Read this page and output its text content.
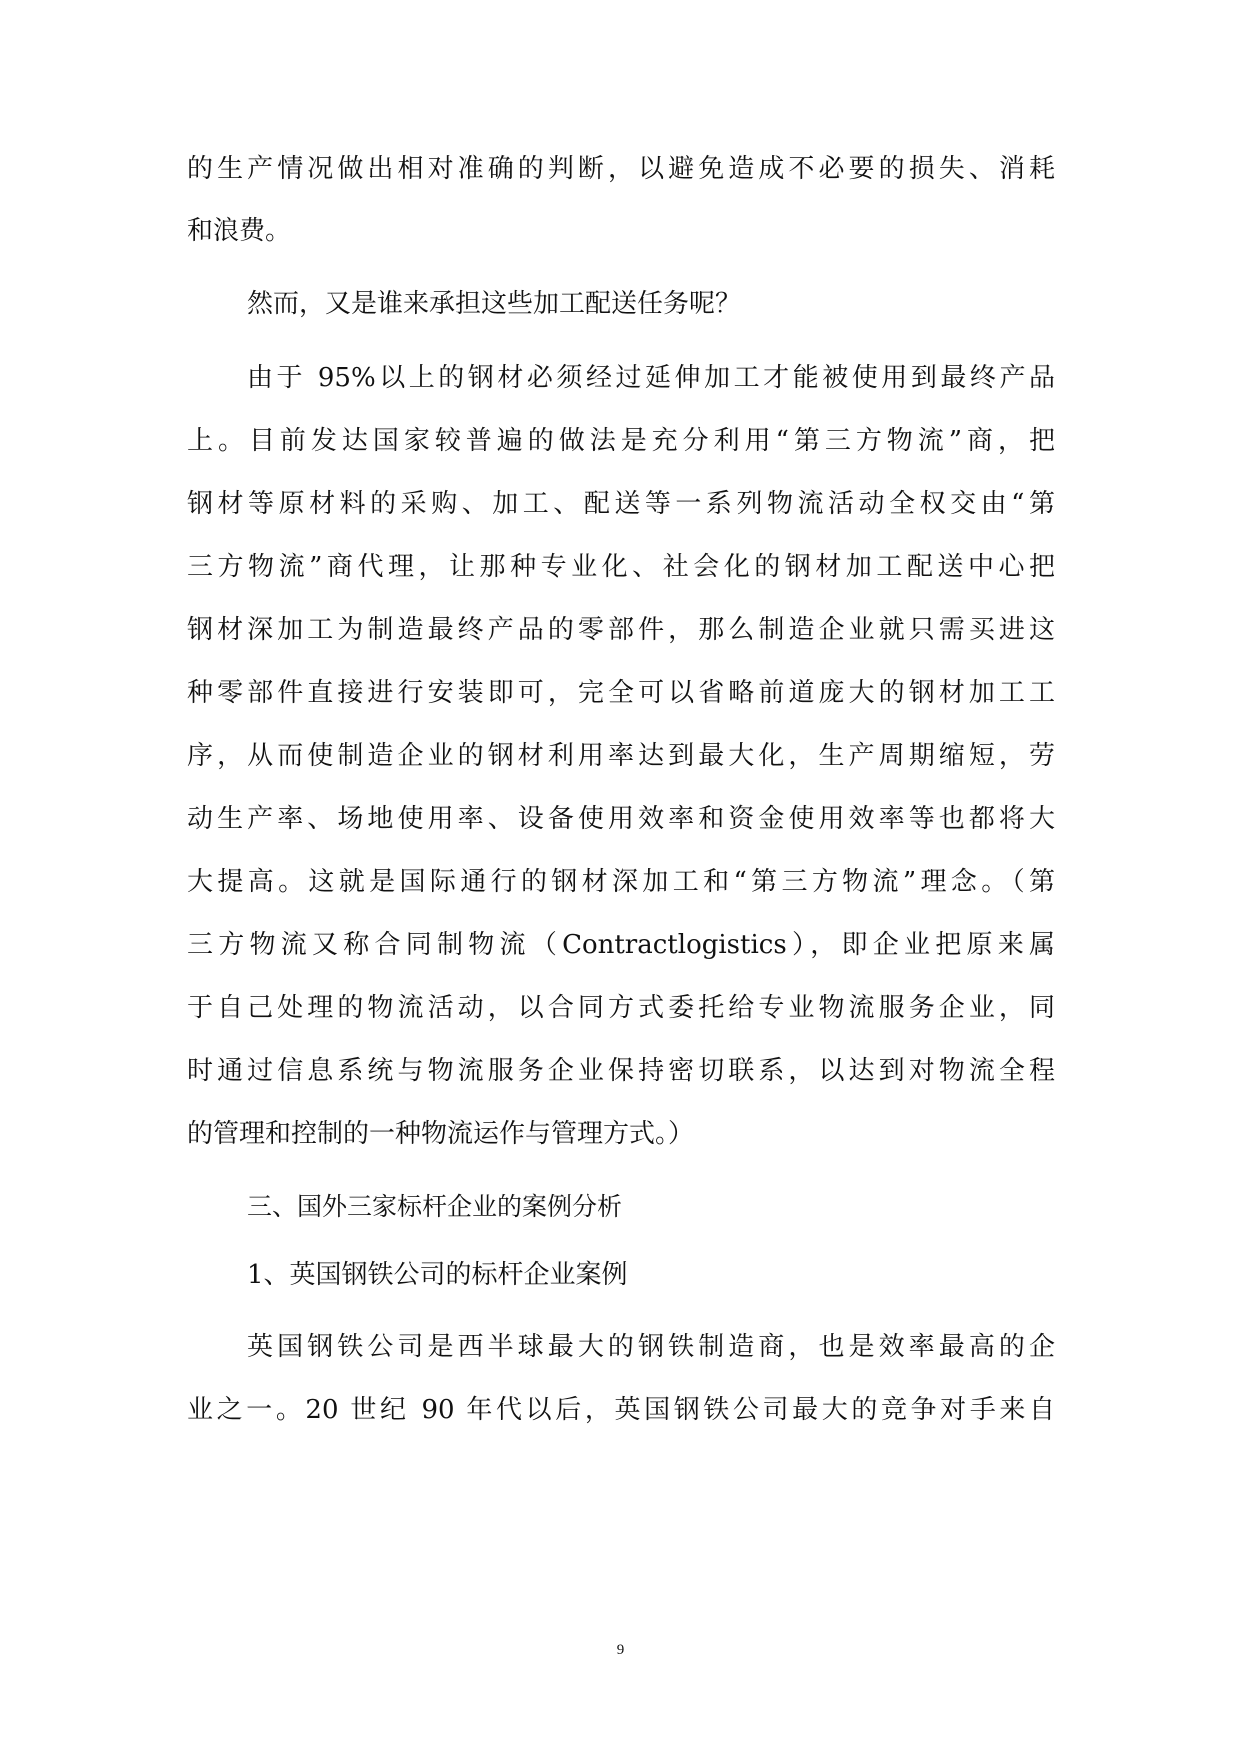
的生产情况做出相对准确的判断，以避免造成不必要的损失、消耗
和浪费。
然而，又是谁来承担这些加工配送任务呢？
由于 95%以上的钢材必须经过延伸加工才能被使用到最终产品
上。目前发达国家较普遍的做法是充分利用“第三方物流”商，把
钢材等原材料的采购、加工、配送等一系列物流活动全权交由“第
三方物流”商代理，让那种专业化、社会化的钢材加工配送中心把
钢材深加工为制造最终产品的零部件，那么制造企业就只需买进这
种零部件直接进行安装即可，完全可以省略前道庞大的钢材加工工
序，从而使制造企业的钢材利用率达到最大化，生产周期缩短，劳
动生产率、场地使用率、设备使用效率和资金使用效率等也都将大
大提高。这就是国际通行的钢材深加工和“第三方物流”理念。（第
三方物流又称合同制物流（Contractlogistics），即企业把原来属
于自己处理的物流活动，以合同方式委托给专业物流服务企业，同
时通过信息系统与物流服务企业保持密切联系，以达到对物流全程
的管理和控制的一种物流运作与管理方式。）
三、国外三家标杆企业的案例分析
1、英国钢铁公司的标杆企业案例
英国钢铁公司是西半球最大的钢铁制造商，也是效率最高的企
业之一。20 世纪 90 年代以后，英国钢铁公司最大的竞争对手来自
9
